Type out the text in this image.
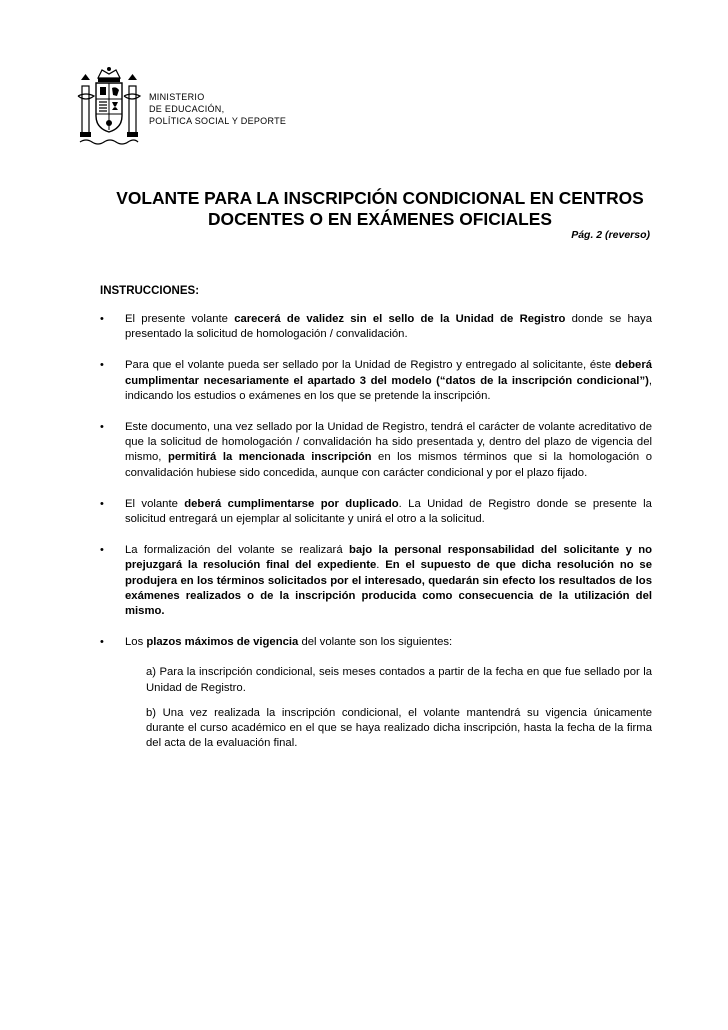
MINISTERIO
DE EDUCACIÓN,
POLÍTICA SOCIAL Y DEPORTE
VOLANTE PARA LA INSCRIPCIÓN CONDICIONAL EN CENTROS
DOCENTES O EN EXÁMENES OFICIALES
Pág. 2 (reverso)
INSTRUCCIONES:
• El presente volante carecerá de validez sin el sello de la Unidad de Registro donde se haya presentado la solicitud de homologación / convalidación.
• Para que el volante pueda ser sellado por la Unidad de Registro y entregado al solicitante, éste deberá cumplimentar necesariamente el apartado 3 del modelo (“datos de la inscripción condicional”), indicando los estudios o exámenes en los que se pretende la inscripción.
• Este documento, una vez sellado por la Unidad de Registro, tendrá el carácter de volante acreditativo de que la solicitud de homologación / convalidación ha sido presentada y, dentro del plazo de vigencia del mismo, permitirá la mencionada inscripción en los mismos términos que si la homologación o convalidación hubiese sido concedida, aunque con carácter condicional y por el plazo fijado.
• El volante deberá cumplimentarse por duplicado. La Unidad de Registro donde se presente la solicitud entregará un ejemplar al solicitante y unirá el otro a la solicitud.
• La formalización del volante se realizará bajo la personal responsabilidad del solicitante y no prejuzgará la resolución final del expediente. En el supuesto de que dicha resolución no se produjera en los términos solicitados por el interesado, quedarán sin efecto los resultados de los exámenes realizados o de la inscripción producida como consecuencia de la utilización del mismo.
• Los plazos máximos de vigencia del volante son los siguientes:
a) Para la inscripción condicional, seis meses contados a partir de la fecha en que fue sellado por la Unidad de Registro.
b) Una vez realizada la inscripción condicional, el volante mantendrá su vigencia únicamente durante el curso académico en el que se haya realizado dicha inscripción, hasta la fecha de la firma del acta de la evaluación final.
